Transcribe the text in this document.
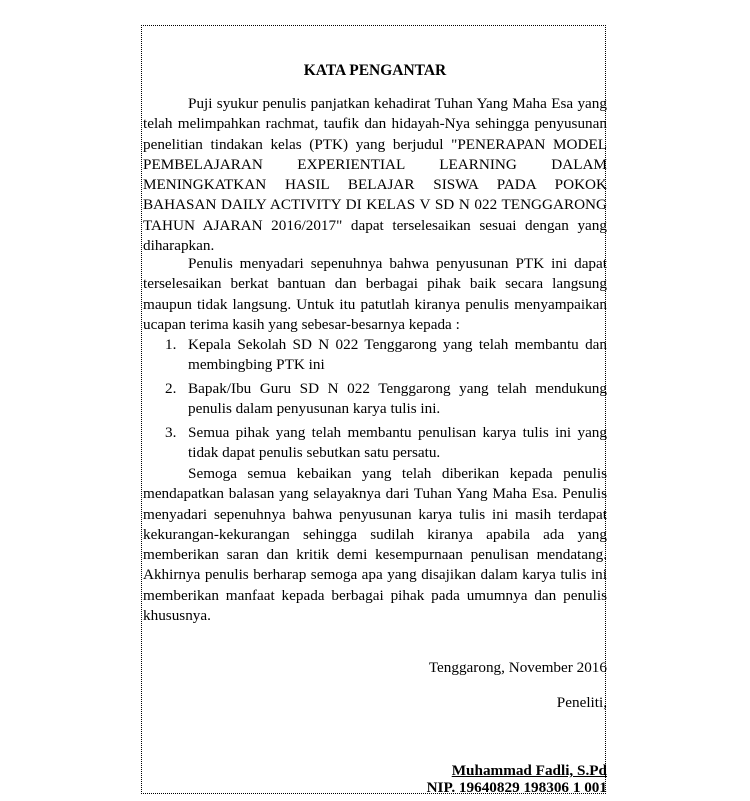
KATA PENGANTAR

Puji syukur penulis panjatkan kehadirat Tuhan Yang Maha Esa yang telah melimpahkan rachmat, taufik dan hidayah-Nya sehingga penyusunan penelitian tindakan kelas (PTK) yang berjudul "PENERAPAN MODEL PEMBELAJARAN EXPERIENTIAL LEARNING DALAM MENINGKATKAN HASIL BELAJAR SISWA PADA POKOK BAHASAN DAILY ACTIVITY DI KELAS V SD N 022 TENGGARONG TAHUN AJARAN 2016/2017" dapat terselesaikan sesuai dengan yang diharapkan.

Penulis menyadari sepenuhnya bahwa penyusunan PTK ini dapat terselesaikan berkat bantuan dan berbagai pihak baik secara langsung maupun tidak langsung. Untuk itu patutlah kiranya penulis menyampaikan ucapan terima kasih yang sebesar-besarnya kepada :

1. Kepala Sekolah SD N 022 Tenggarong yang telah membantu dan membingbing PTK ini
2. Bapak/Ibu Guru SD N 022 Tenggarong yang telah mendukung penulis dalam penyusunan karya tulis ini.
3. Semua pihak yang telah membantu penulisan karya tulis ini yang tidak dapat penulis sebutkan satu persatu.

Semoga semua kebaikan yang telah diberikan kepada penulis mendapatkan balasan yang selayaknya dari Tuhan Yang Maha Esa. Penulis menyadari sepenuhnya bahwa penyusunan karya tulis ini masih terdapat kekurangan-kekurangan sehingga sudilah kiranya apabila ada yang memberikan saran dan kritik demi kesempurnaan penulisan mendatang. Akhirnya penulis berharap semoga apa yang disajikan dalam karya tulis ini memberikan manfaat kepada berbagai pihak pada umumnya dan penulis khususnya.

Tenggarong, November 2016
Peneliti,
Muhammad Fadli, S.Pd
NIP. 19640829 198306 1 001
